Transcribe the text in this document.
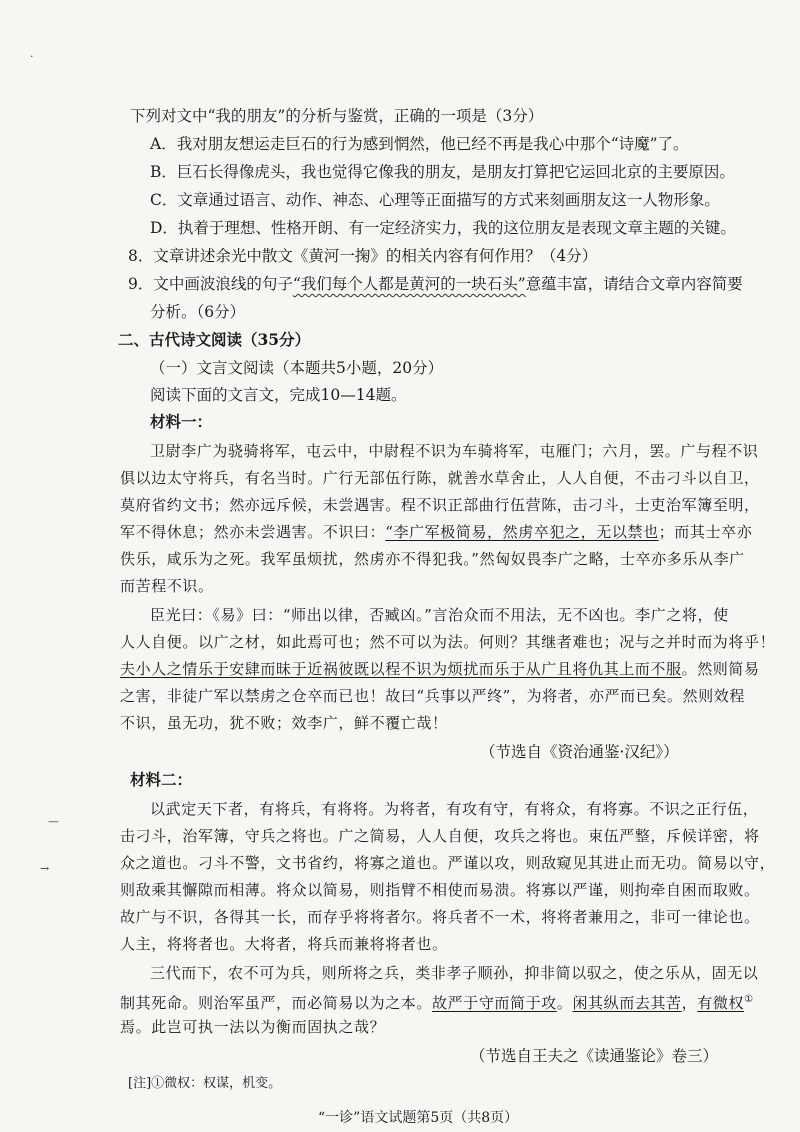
·
—
→
下列对文中“我的朋友”的分析与鉴赏，正确的一项是（3分）
A．我对朋友想运走巨石的行为感到惘然，他已经不再是我心中那个“诗魔”了。
B．巨石长得像虎头，我也觉得它像我的朋友，是朋友打算把它运回北京的主要原因。
C．文章通过语言、动作、神态、心理等正面描写的方式来刻画朋友这一人物形象。
D．执着于理想、性格开朗、有一定经济实力，我的这位朋友是表现文章主题的关键。
8．文章讲述余光中散文《黄河一掬》的相关内容有何作用？（4分）
9．文中画波浪线的句子“我们每个人都是黄河的一块石头”意蕴丰富，请结合文章内容简要
分析。（6分）
二、古代诗文阅读（35分）
（一）文言文阅读（本题共5小题，20分）
阅读下面的文言文，完成10—14题。
材料一：
卫尉李广为骁骑将军，屯云中，中尉程不识为车骑将军，屯雁门；六月，罢。广与程不识
俱以边太守将兵，有名当时。广行无部伍行陈，就善水草舍止，人人自便，不击刁斗以自卫，
莫府省约文书；然亦远斥候，未尝遇害。程不识正部曲行伍营陈，击刁斗，士吏治军簿至明，
军不得休息；然亦未尝遇害。不识曰：“李广军极简易，然虏卒犯之，无以禁也；而其士卒亦
佚乐，咸乐为之死。我军虽烦扰，然虏亦不得犯我。”然匈奴畏李广之略，士卒亦多乐从李广
而苦程不识。
臣光曰：《易》曰：“师出以律，否臧凶。”言治众而不用法，无不凶也。李广之将，使
人人自便。以广之材，如此焉可也；然不可以为法。何则？其继者难也；况与之并时而为将乎！
夫小人之情乐于安肆而昧于近祸彼既以程不识为烦扰而乐于从广且将仇其上而不服。然则简易
之害，非徒广军以禁虏之仓卒而已也！故曰“兵事以严终”，为将者，亦严而已矣。然则效程
不识，虽无功，犹不败；效李广，鲜不覆亡哉！
（节选自《资治通鉴·汉纪》）
材料二：
以武定天下者，有将兵，有将将。为将者，有攻有守，有将众，有将寡。不识之正行伍，
击刁斗，治军簿，守兵之将也。广之简易，人人自便，攻兵之将也。束伍严整，斥候详密，将
众之道也。刁斗不警，文书省约，将寡之道也。严谨以攻，则敌窥见其进止而无功。简易以守，
则敌乘其懈隙而相薄。将众以简易，则指臂不相使而易溃。将寡以严谨，则拘牵自困而取败。
故广与不识，各得其一长，而存乎将将者尔。将兵者不一术，将将者兼用之，非可一律论也。
人主，将将者也。大将者，将兵而兼将将者也。
三代而下，农不可为兵，则所将之兵，类非孝子顺孙，抑非简以驭之，使之乐从，固无以
制其死命。则治军虽严，而必简易以为之本。故严于守而简于攻。闲其纵而去其苦，有微权①
焉。此岂可执一法以为衡而固执之哉？
（节选自王夫之《读通鉴论》卷三）
[注]①微权：权谋，机变。
“一诊”语文试题第5页（共8页）
